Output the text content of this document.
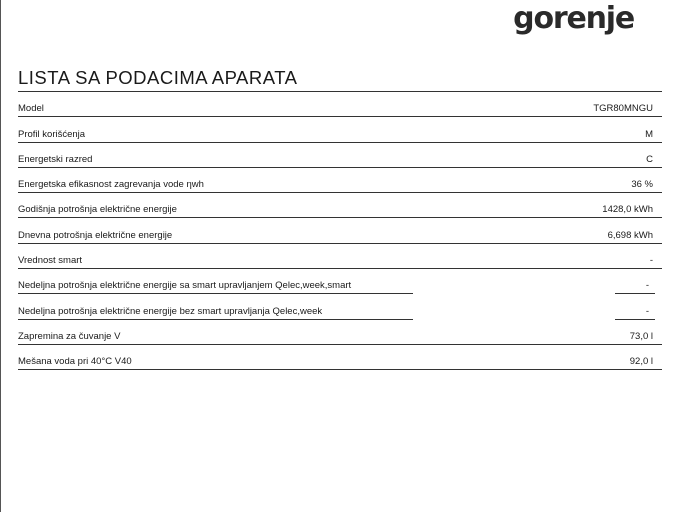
gorenje
LISTA SA PODACIMA APARATA
Model	TGR80MNGU
Profil korišćenja	M
Energetski razred	C
Energetska efikasnost zagrevanja vode ηwh	36 %
Godišnja potrošnja električne energije	1428,0 kWh
Dnevna potrošnja električne energije	6,698 kWh
Vrednost smart	-
Nedeljna potrošnja električne energije sa smart upravljanjem Qelec,week,smart	-
Nedeljna potrošnja električne energije bez smart upravljanja Qelec,week	-
Zapremina za čuvanje V	73,0 l
Mešana voda pri 40°C V40	92,0 l
